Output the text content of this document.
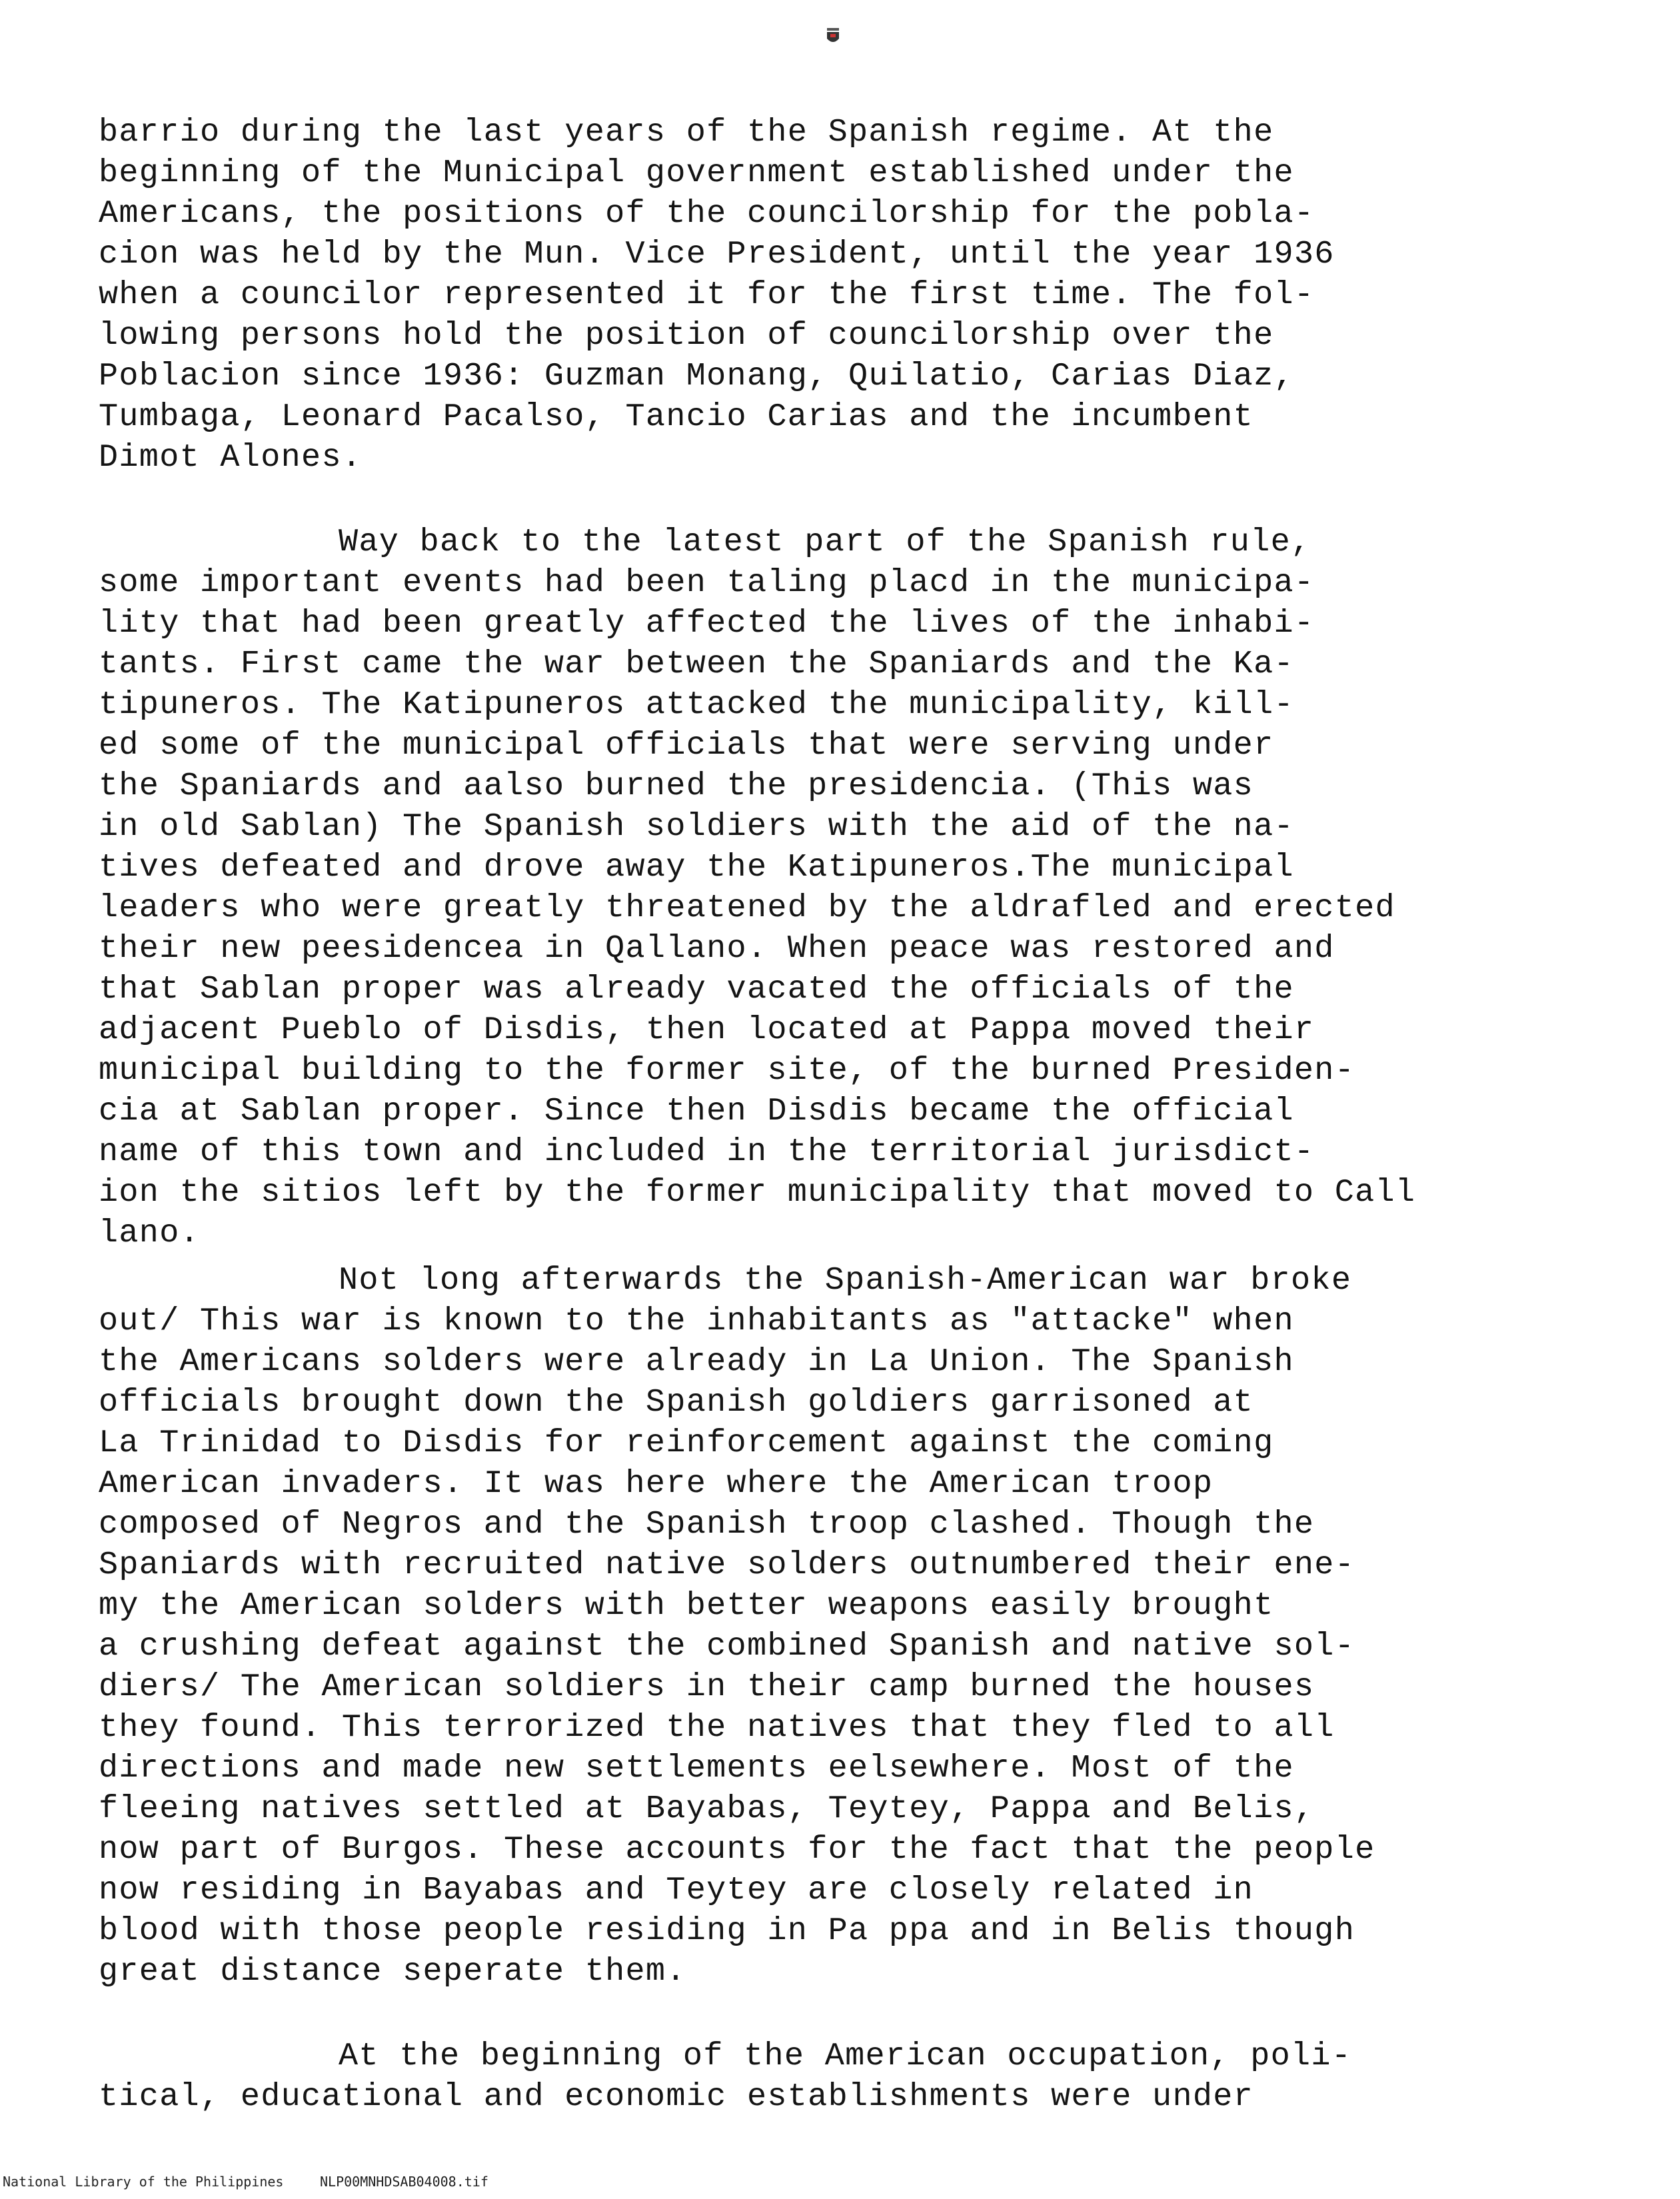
barrio during the last years of the Spanish regime. At the
beginning of the Municipal government established under the
Americans, the positions of the councilorship for the pobla-
cion was held by the Mun. Vice President, until the year 1936
when a councilor represented it for the first time. The fol-
lowing persons hold the position of councilorship over the
Poblacion since 1936: Guzman Monang, Quilatio, Carias Diaz,
Tumbaga, Leonard Pacalso, Tancio Carias and the incumbent
Dimot Alones.
Way back to the latest part of the Spanish rule,
some important events had been taling placd in the municipa-
lity that had been greatly affected the lives of the inhabi-
tants. First came the war between the Spaniards and the Ka-
tipuneros. The Katipuneros attacked the municipality, kill-
ed some of the municipal officials that were serving under
the Spaniards and aalso burned the presidencia. (This was
in old Sablan) The Spanish soldiers with the aid of the na-
tives defeated and drove away the Katipuneros.The municipal
leaders who were greatly threatened by the aldrafled and erected
their new peesidencea in Qallano. When peace was restored and
that Sablan proper was already vacated the officials of the
adjacent Pueblo of Disdis, then located at Pappa moved their
municipal building to the former site, of the burned Presiden-
cia at Sablan proper. Since then Disdis became the official
name of this town and included in the territorial jurisdict-
ion the sitios left by the former municipality that moved to Call
lano.
Not long afterwards the Spanish-American war broke
out/ This war is known to the inhabitants as "attacke" when
the Americans solders were already in La Union. The Spanish
officials brought down the Spanish goldiers garrisoned at
La Trinidad to Disdis for reinforcement against the coming
American invaders. It was here where the American troop
composed of Negros and the Spanish troop clashed. Though the
Spaniards with recruited native solders outnumbered their ene-
my the American solders with better weapons easily brought
a crushing defeat against the combined Spanish and native sol-
diers/ The American soldiers in their camp burned the houses
they found. This terrorized the natives that they fled to all
directions and made new settlements eelsewhere. Most of the
fleeing natives settled at Bayabas, Teytey, Pappa and Belis,
now part of Burgos. These accounts for the fact that the people
now residing in Bayabas and Teytey are closely related in
blood with those people residing in Pa ppa and in Belis though
great distance seperate them.
At the beginning of the American occupation, poli-
tical, educational and economic establishments were under
National Library of the Philippines	NLP00MNHDSAB04008.tif
